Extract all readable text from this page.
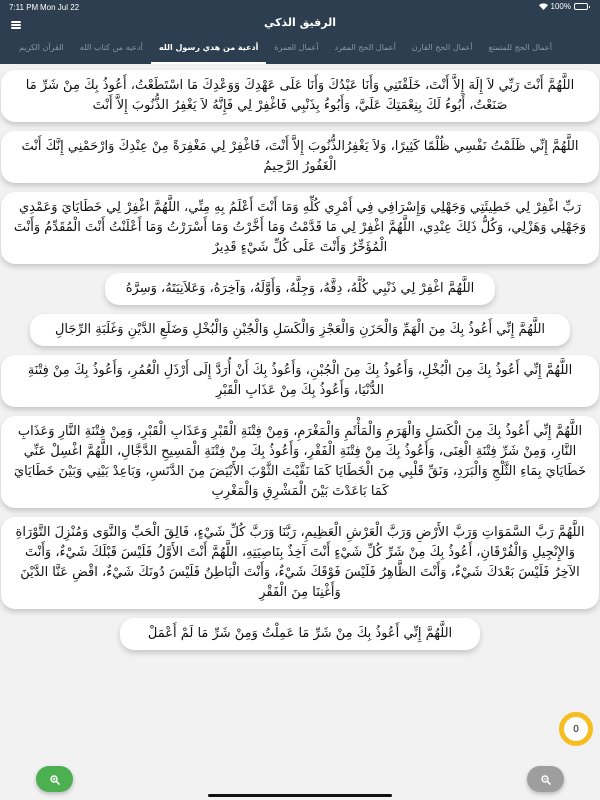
7:11 PM Mon Jul 22	100%
الرفيق الذكي
أعمال الحج للمتمتع
أعمال الحج القارن
أعمال الحج المفرد
أعمال العمرة
أدعية من هدي رسول الله
أدعية من كتاب الله
القرآن الكريم
اللَّهُمَّ أَنْتَ رَبِّي لاَ إِلَهَ إِلاَّ أَنْتَ، خَلَقْتَنِي وَأَنَا عَبْدُكَ وَأَنَا عَلَى عَهْدِكَ وَوَعْدِكَ مَا اسْتَطَعْتُ، أَعُوذُ بِكَ مِنْ شَرِّ مَا صَنَعْتُ، أَبُوءُ لَكَ بِنِعْمَتِكَ عَلَيَّ، وَأَبُوءُ بِذَنْبِي فَاغْفِرْ لِي فَإِنَّهُ لاَ يَغْفِرُ الذُّنُوبَ إِلاَّ أَنْتَ
اللَّهُمَّ إِنِّي ظَلَمْتُ نَفْسِي ظُلْمًا كَثِيرًا، وَلاَ يَغْفِرُالذُّنُوبَ إِلاَّ أَنْتَ، فَاغْفِرْ لِي مَغْفِرَةً مِنْ عِنْدِكَ وَارْحَمْنِي إِنَّكَ أَنْتَ الْغَفُورُ الرَّحِيمُ
رَبِّ اغْفِرْ لِي خَطِيئَتِي وَجَهْلِي وَإِسْرَافِي فِي أَمْرِي كُلِّهِ وَمَا أَنْتَ أَعْلَمُ بِهِ مِنِّي، اللَّهُمَّ اغْفِرْ لِي خَطَايَايَ وَعَمْدِي وَجَهْلِي وَهَزْلِي، وَكُلُّ ذَلِكَ عِنْدِي، اللَّهُمَّ اغْفِرْ لِي مَا قَدَّمْتُ وَمَا أَخَّرْتُ وَمَا أَسْرَرْتُ وَمَا أَعْلَنْتُ أَنْتَ الْمُقَدِّمُ وَأَنْتَ الْمُؤَخِّرُ وَأَنْتَ عَلَى كُلِّ شَيْءٍ قَدِيرٌ
اللَّهُمَّ اغْفِرْ لِي ذَنْبِي كُلَّهُ، دِقَّهُ، وَجِلَّهُ، وَأَوَّلَهُ، وَآخِرَهُ، وَعَلاَنِيَتَهُ، وَسِرَّهُ
اللَّهُمَّ إِنِّي أَعُوذُ بِكَ مِنَ الْهَمِّ وَالْحَزَنِ وَالْعَجْزِ وَالْكَسَلِ وَالْجُبْنِ وَالْبُخْلِ وَضَلَعِ الدَّيْنِ وَغَلَبَةِ الرِّجَالِ
اللَّهُمَّ إِنِّي أَعُوذُ بِكَ مِنَ الْبُخْلِ، وَأَعُوذُ بِكَ مِنَ الْجُبْنِ، وَأَعُوذُ بِكَ أَنْ أُرَدَّ إِلَى أَرْذَلِ الْعُمُرِ، وَأَعُوذُ بِكَ مِنْ فِتْنَةِ الدُّنْيَا، وَأَعُوذُ بِكَ مِنْ عَذَابِ الْقَبْرِ
اللَّهُمَّ إِنِّي أَعُوذُ بِكَ مِنَ الْكَسَلِ وَالْهَرَمِ وَالْمَأْثَمِ وَالْمَغْرَمِ، وَمِنْ فِتْنَةِ الْقَبْرِ وَعَذَابِ الْقَبْرِ، وَمِنْ فِتْنَةِ النَّارِ وَعَذَابِ النَّارِ، وَمِنْ شَرِّ فِتْنَةِ الْغِنَى، وَأَعُوذُ بِكَ مِنْ فِتْنَةِ الْفَقْرِ، وَأَعُوذُ بِكَ مِنْ فِتْنَةِ الْمَسِيحِ الدَّجَّالِ، اللَّهُمَّ اغْسِلْ عَنِّي خَطَايَايَ بِمَاءِ الثَّلْجِ وَالْبَرَدِ، وَنَقِّ قَلْبِي مِنَ الْخَطَايَا كَمَا نَقَّيْتَ الثَّوْبَ الأَبْيَضَ مِنَ الدَّنَسِ، وَبَاعِدْ بَيْنِي وَبَيْنَ خَطَايَايَ كَمَا بَاعَدْتَ بَيْنَ الْمَشْرِقِ وَالْمَغْرِبِ
اللَّهُمَّ رَبَّ السَّمَوَاتِ وَرَبَّ الأَرْضِ وَرَبَّ الْعَرْشِ الْعَظِيمِ، رَبَّنَا وَرَبَّ كُلِّ شَيْءٍ، فَالِقَ الْحَبِّ وَالنَّوَى وَمُنْزِلَ التَّوْرَاةِ وَالإِنْجِيلِ وَالْفُرْقَانِ، أَعُوذُ بِكَ مِنْ شَرِّ كُلِّ شَيْءٍ أَنْتَ آخِذٌ بِنَاصِيَتِهِ، اللَّهُمَّ أَنْتَ الأَوَّلُ فَلَيْسَ قَبْلَكَ شَيْءٌ، وَأَنْتَ الآخِرُ فَلَيْسَ بَعْدَكَ شَيْءٌ، وَأَنْتَ الظَّاهِرُ فَلَيْسَ فَوْقَكَ شَيْءٌ، وَأَنْتَ الْبَاطِنُ فَلَيْسَ دُونَكَ شَيْءٌ، اقْضِ عَنَّا الدَّيْنَ وَأَغْنِنَا مِنَ الْفَقْرِ
اللَّهُمَّ إِنِّي أَعُوذُ بِكَ مِنْ شَرِّ مَا عَمِلْتُ وَمِنْ شَرِّ مَا لَمْ أَعْمَلْ
0
